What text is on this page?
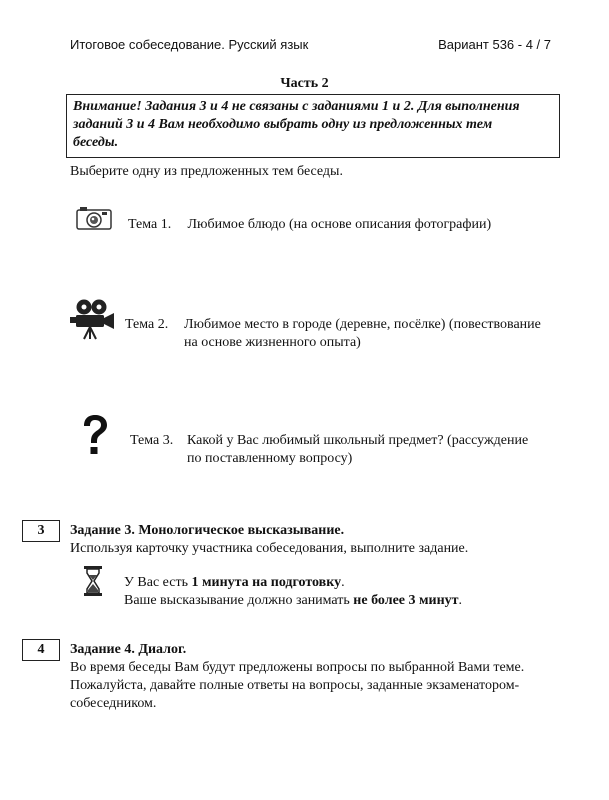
Итоговое собеседование. Русский язык	Вариант 536 - 4 / 7
Часть 2
Внимание! Задания 3 и 4 не связаны с заданиями 1 и 2. Для выполнения
заданий 3 и 4 Вам необходимо выбрать одну из предложенных тем
беседы.
Выберите одну из предложенных тем беседы.
Тема 1. Любимое блюдо (на основе описания фотографии)
Тема 2. Любимое место в городе (деревне, посёлке) (повествование
на основе жизненного опыта)
Тема 3. Какой у Вас любимый школьный предмет? (рассуждение
по поставленному вопросу)
3	Задание 3. Монологическое высказывание.
Используя карточку участника собеседования, выполните задание.
У Вас есть 1 минута на подготовку.
Ваше высказывание должно занимать не более 3 минут.
4	Задание 4. Диалог.
Во время беседы Вам будут предложены вопросы по выбранной Вами теме.
Пожалуйста, давайте полные ответы на вопросы, заданные экзаменатором-
собеседником.
